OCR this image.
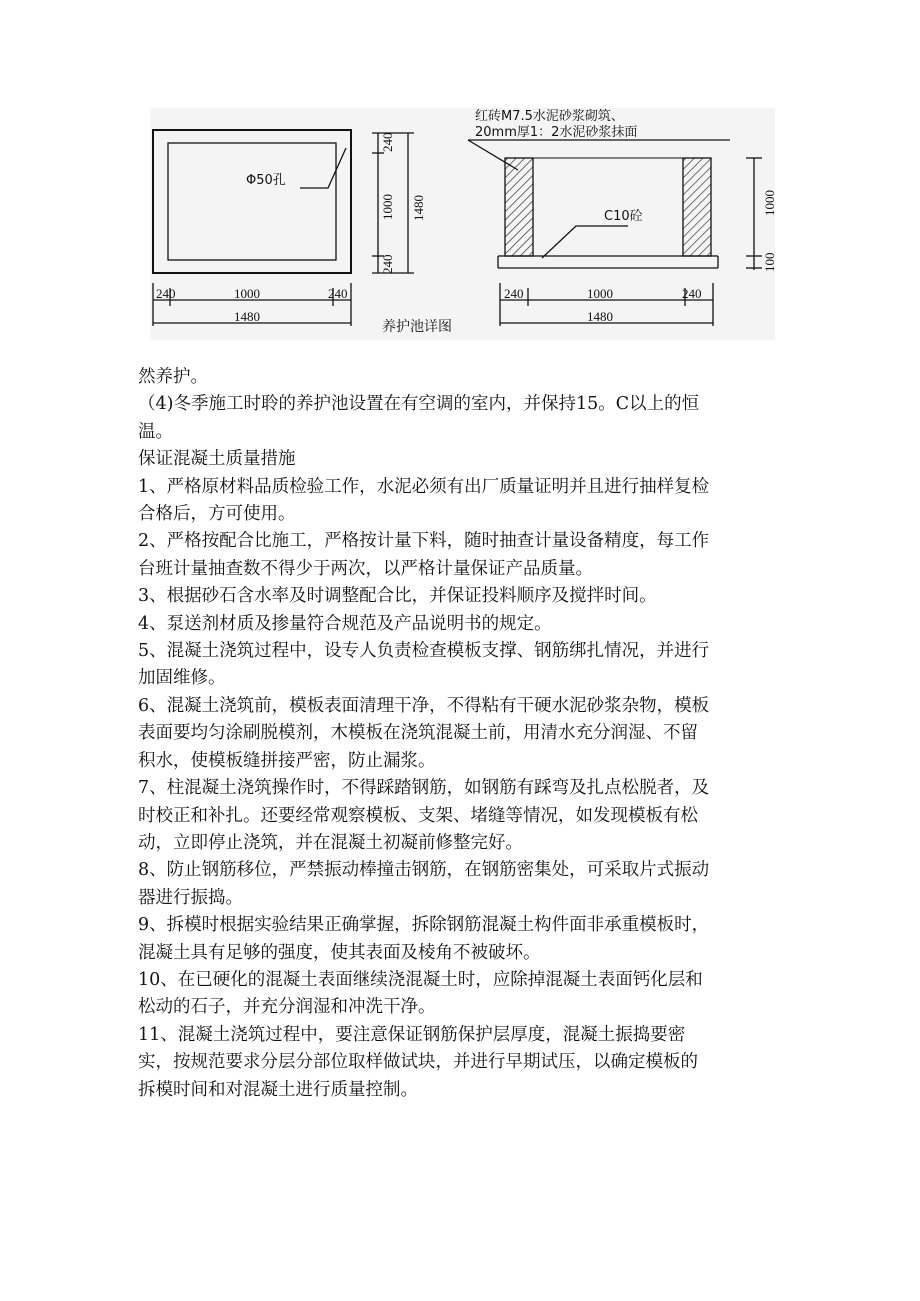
Φ50孔
240
1000
240
1480
240	1000	240
1480
养护池详图
红砖M7.5水泥砂浆砌筑、
20mm厚1：2水泥砂浆抹面
C10砼
1000
100
240	1000	240
1480

然养护。

（4)冬季施工时聆的养护池设置在有空调的室内，并保持15。C以上的恒
温。

保证混凝土质量措施

1、严格原材料品质检验工作，水泥必须有出厂质量证明并且进行抽样复检
合格后，方可使用。

2、严格按配合比施工，严格按计量下料，随时抽查计量设备精度，每工作
台班计量抽查数不得少于两次，以严格计量保证产品质量。

3、根据砂石含水率及时调整配合比，并保证投料顺序及搅拌时间。

4、泵送剂材质及掺量符合规范及产品说明书的规定。

5、混凝土浇筑过程中，设专人负责检查模板支撑、钢筋绑扎情况，并进行
加固维修。

6、混凝土浇筑前，模板表面清理干净，不得粘有干硬水泥砂浆杂物，模板
表面要均匀涂刷脱模剂，木模板在浇筑混凝土前，用清水充分润湿、不留
积水，使模板缝拼接严密，防止漏浆。

7、柱混凝土浇筑操作时，不得踩踏钢筋，如钢筋有踩弯及扎点松脱者，及
时校正和补扎。还要经常观察模板、支架、堵缝等情况，如发现模板有松
动，立即停止浇筑，并在混凝土初凝前修整完好。

8、防止钢筋移位，严禁振动棒撞击钢筋，在钢筋密集处，可采取片式振动
器进行振捣。

9、拆模时根据实验结果正确掌握，拆除钢筋混凝土构件面非承重模板时，
混凝土具有足够的强度，使其表面及棱角不被破坏。

10、在已硬化的混凝土表面继续浇混凝土时，应除掉混凝土表面钙化层和
松动的石子，并充分润湿和冲洗干净。

11、混凝土浇筑过程中，要注意保证钢筋保护层厚度，混凝土振捣要密
实，按规范要求分层分部位取样做试块，并进行早期试压，以确定模板的
拆模时间和对混凝土进行质量控制。
